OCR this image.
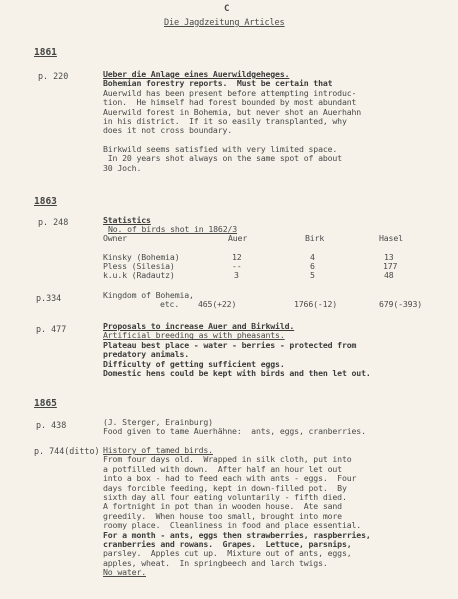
C
Die Jagdzeitung Articles
1861
p. 220	Ueber die Anlage eines Auerwildgeheges.
Bohemian forestry reports.  Must be certain that
Auerwild has been present before attempting introduc-
tion.  He himself had forest bounded by most abundant
Auerwild forest in Bohemia, but never shot an Auerhahn
in his district.  If it so easily transplanted, why
does it not cross boundary.
Birkwild seems satisfied with very limited space.
In 20 years shot always on the same spot of about
30 Joch.
1863
p. 248	Statistics
No. of birds shot in 1862/3
Owner	Auer	Birk	Hasel
Kinsky (Bohemia)	12	4	13
Pless (Silesia)	--	6	177
k.u.k (Radautz)	3	5	48
p.334	Kingdom of Bohemia,
etc. 465(+22)	1766(-12)	679(-393)
p. 477	Proposals to increase Auer and Birkwild.
Artificial breeding as with pheasants.
Plateau best place - water - berries - protected from
predatory animals.
Difficulty of getting sufficient eggs.
Domestic hens could be kept with birds and then let out.
1865
p. 438	(J. Sterger, Erainburg)
Food given to tame Auerhähne:  ants, eggs, cranberries.
p. 744(ditto) History of tamed birds.
From four days old.  Wrapped in silk cloth, put into
a potfilled with down.  After half an hour let out
into a box - had to feed each with ants - eggs.  Four
days forcible feeding, kept in down-filled pot.  By
sixth day all four eating voluntarily - fifth died.
A fortnight in pot than in wooden house.  Ate sand
greedily.  When house too small, brought into more
roomy place.  Cleanliness in food and place essential.
For a month - ants, eggs then strawberries, raspberries,
cranberries and rowans.  Grapes.  Lettuce, parsnips,
parsley.  Apples cut up.  Mixture out of ants, eggs,
apples, wheat.  In springbeech and larch twigs.
No water.
